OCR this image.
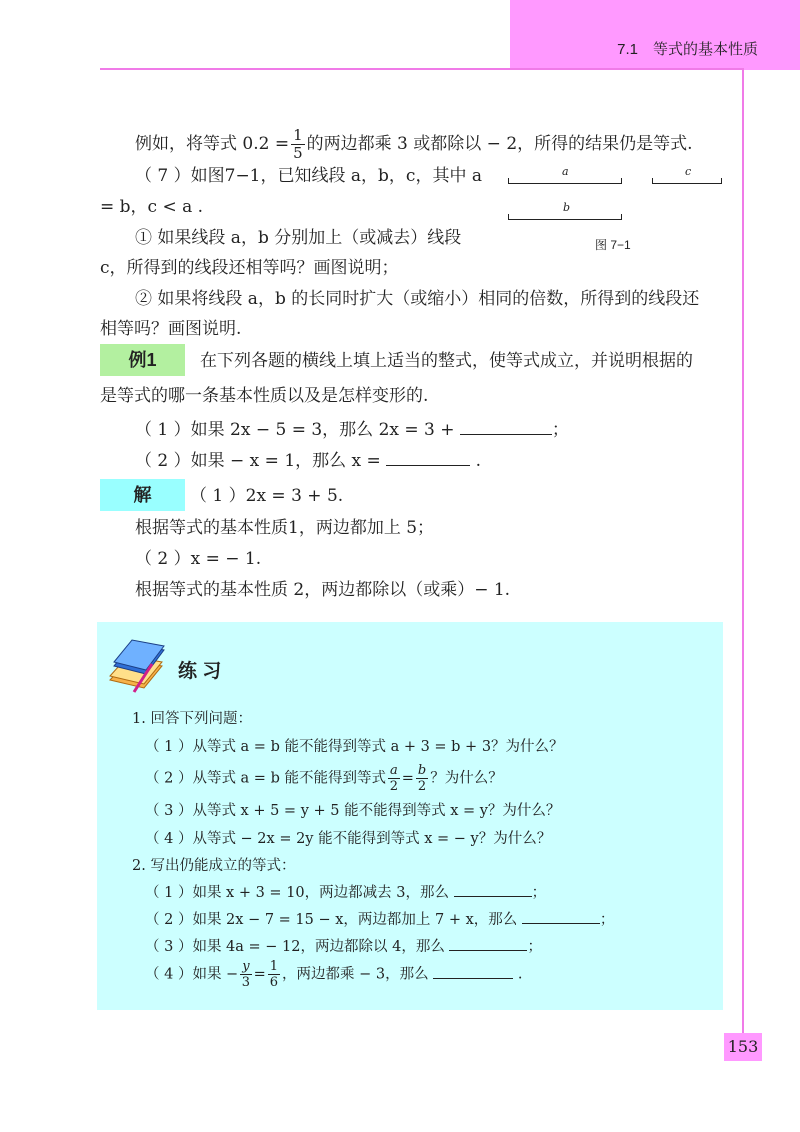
7.1　等式的基本性质
例如，将等式 $0.2 = \frac{1}{5}$ 的两边都乘 3 或都除以 − 2，所得的结果仍是等式.
（ 7 ）如图7−1，已知线段 a，b，c，其中 a
= b，c < a .
① 如果线段 a，b 分别加上（或减去）线段
c，所得到的线段还相等吗？画图说明；
② 如果将线段 a，b 的长同时扩大（或缩小）相同的倍数，所得到的线段还
相等吗？画图说明.
a	c
b
图 7−1
例1	在下列各题的横线上填上适当的整式，使等式成立，并说明根据的
是等式的哪一条基本性质以及是怎样变形的.
（ 1 ）如果 2x − 5 = 3，那么 2x = 3 +	；
（ 2 ）如果 − x = 1，那么 x =	.
解	（ 1 ）2x = 3 + 5.
根据等式的基本性质1，两边都加上 5；
（ 2 ）x = − 1.
根据等式的基本性质 2，两边都除以（或乘）− 1.
练 习
1. 回答下列问题：
（ 1 ）从等式 a = b 能不能得到等式 a + 3 = b + 3？为什么？
（ 2 ）从等式 a = b 能不能得到等式 $\frac{a}{2} = \frac{b}{2}$ ？为什么？
（ 3 ）从等式 x + 5 = y + 5 能不能得到等式 x = y？为什么？
（ 4 ）从等式 − 2x = 2y 能不能得到等式 x = − y？为什么？
2. 写出仍能成立的等式：
（ 1 ）如果 x + 3 = 10，两边都减去 3，那么	；
（ 2 ）如果 2x − 7 = 15 − x，两边都加上 7 + x，那么	；
（ 3 ）如果 4a = − 12，两边都除以 4，那么	；
（ 4 ）如果 − $\frac{y}{3} = \frac{1}{6}$ ，两边都乘 − 3，那么	.
153
